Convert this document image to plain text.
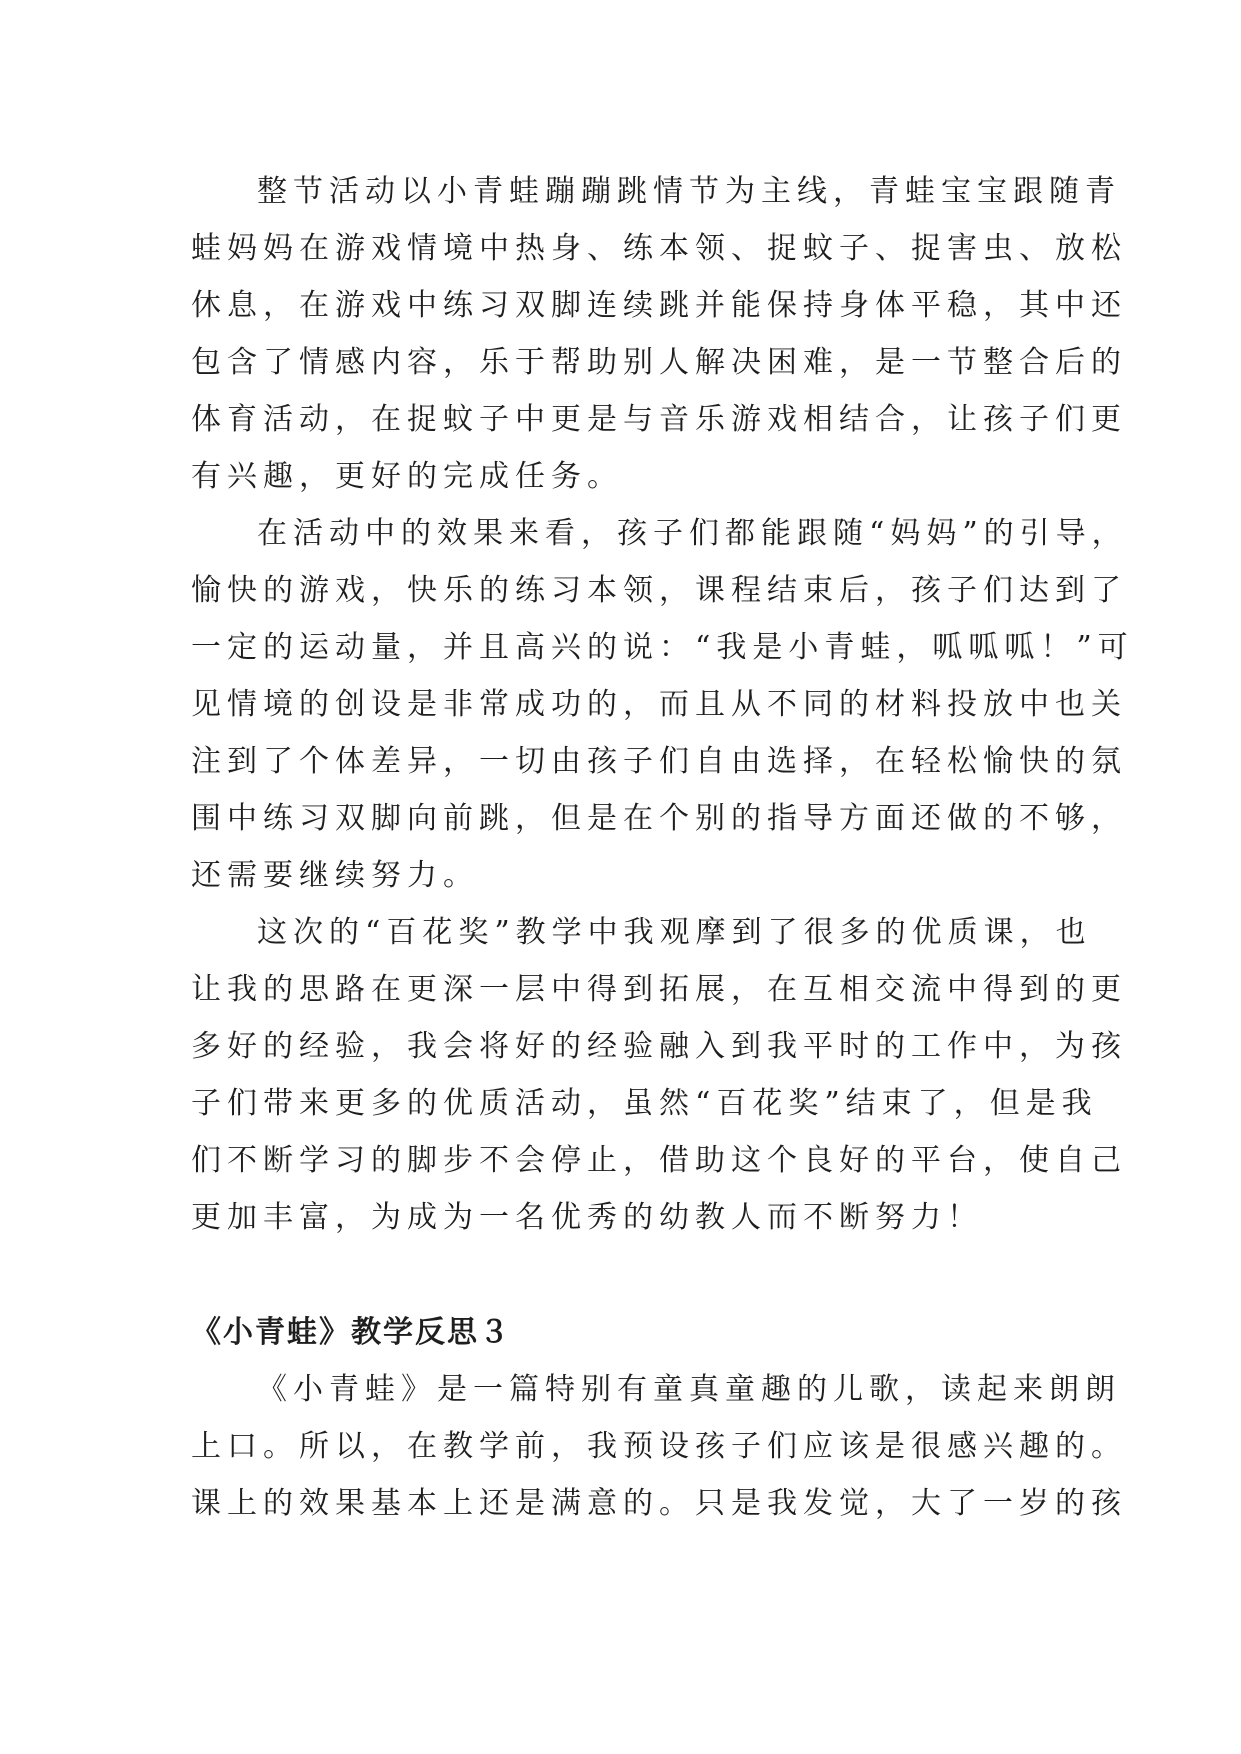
整节活动以小青蛙蹦蹦跳情节为主线，青蛙宝宝跟随青

蛙妈妈在游戏情境中热身、练本领、捉蚊子、捉害虫、放松

休息，在游戏中练习双脚连续跳并能保持身体平稳，其中还

包含了情感内容，乐于帮助别人解决困难，是一节整合后的

体育活动，在捉蚊子中更是与音乐游戏相结合，让孩子们更

有兴趣，更好的完成任务。

在活动中的效果来看，孩子们都能跟随“妈妈”的引导，

愉快的游戏，快乐的练习本领，课程结束后，孩子们达到了

一定的运动量，并且高兴的说：“我是小青蛙，呱呱呱！”可

见情境的创设是非常成功的，而且从不同的材料投放中也关

注到了个体差异，一切由孩子们自由选择，在轻松愉快的氛

围中练习双脚向前跳，但是在个别的指导方面还做的不够，

还需要继续努力。

这次的“百花奖”教学中我观摩到了很多的优质课，也

让我的思路在更深一层中得到拓展，在互相交流中得到的更

多好的经验，我会将好的经验融入到我平时的工作中，为孩

子们带来更多的优质活动，虽然“百花奖”结束了，但是我

们不断学习的脚步不会停止，借助这个良好的平台，使自己

更加丰富，为成为一名优秀的幼教人而不断努力！

《小青蛙》教学反思３

《小青蛙》是一篇特别有童真童趣的儿歌，读起来朗朗

上口。所以，在教学前，我预设孩子们应该是很感兴趣的。

课上的效果基本上还是满意的。只是我发觉，大了一岁的孩
